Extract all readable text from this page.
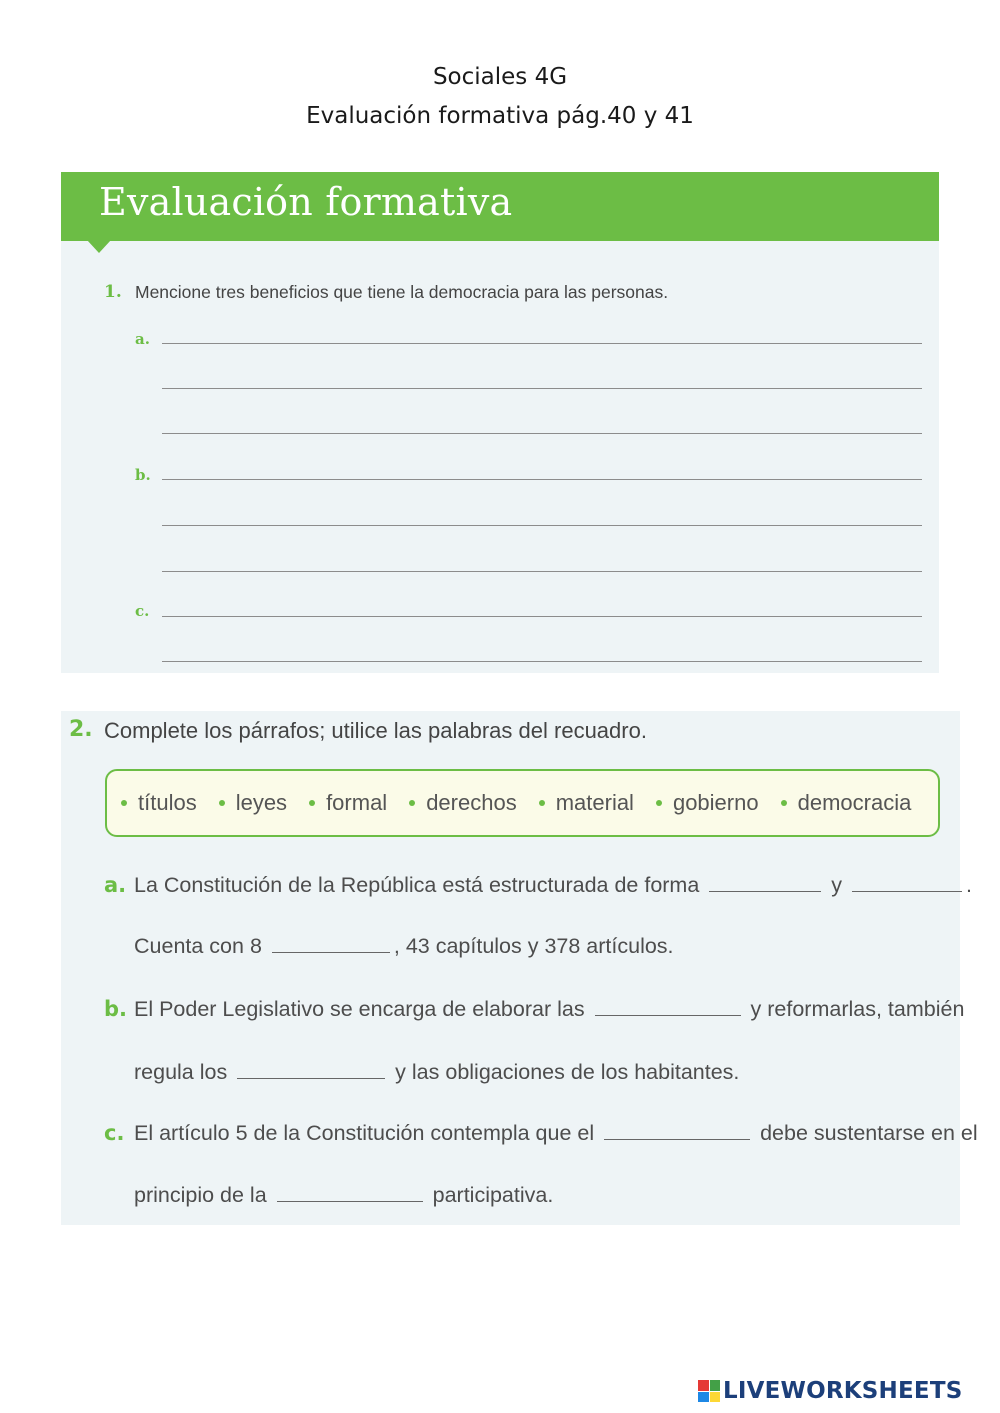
Sociales 4G
Evaluación formativa pág.40 y 41
Evaluación formativa
1. Mencione tres beneficios que tiene la democracia para las personas.
a.
b.
c.
2. Complete los párrafos; utilice las palabras del recuadro.
títulos leyes formal derechos material gobierno democracia
a. La Constitución de la República está estructurada de forma	y	.
Cuenta con 8	, 43 capítulos y 378 artículos.
b. El Poder Legislativo se encarga de elaborar las	y reformarlas, también
regula los	y las obligaciones de los habitantes.
c. El artículo 5 de la Constitución contempla que el	debe sustentarse en el
principio de la	participativa.
LIVEWORKSHEETS
